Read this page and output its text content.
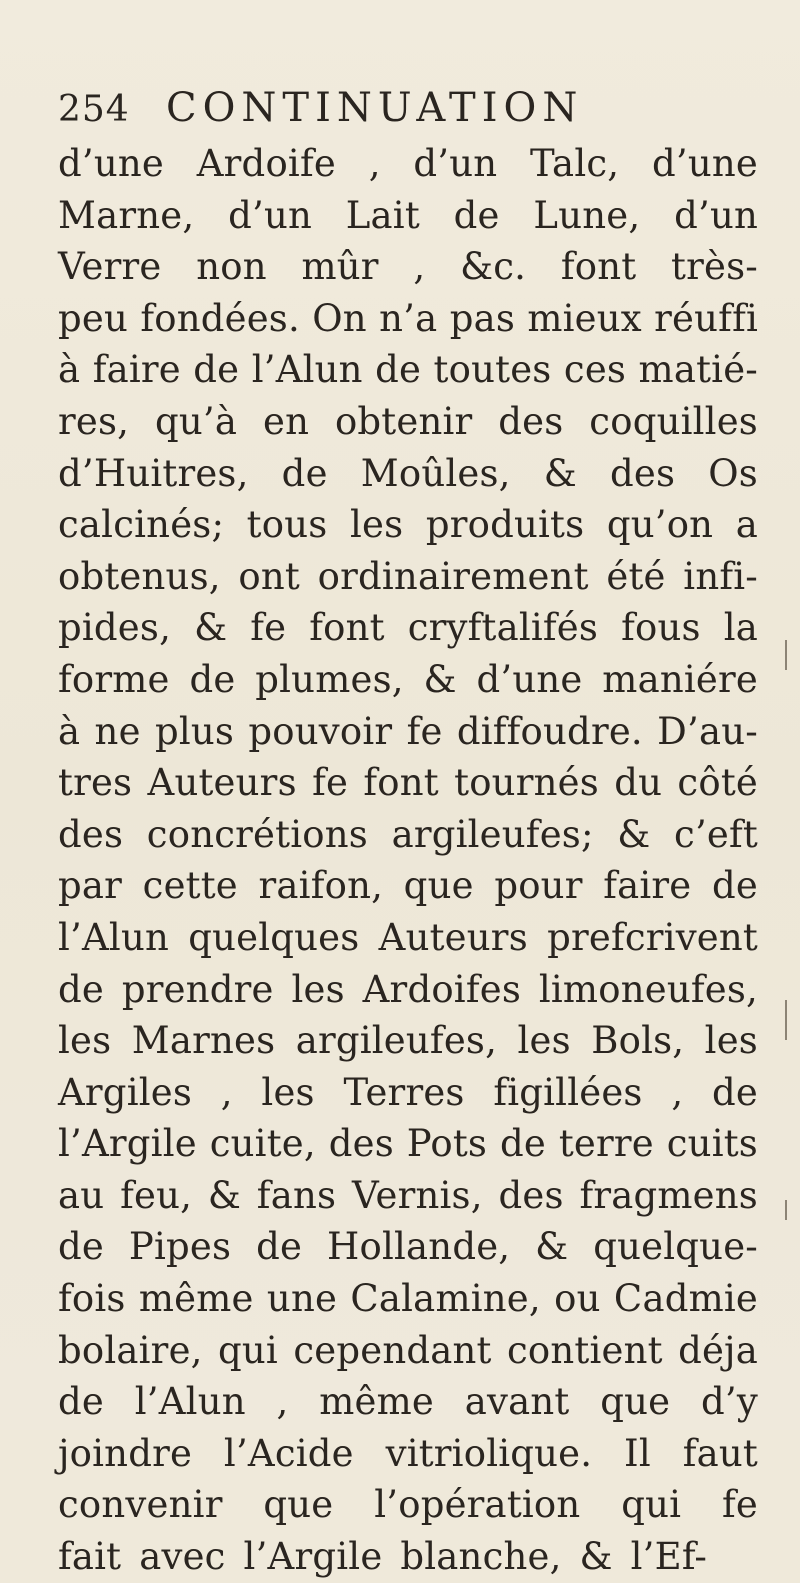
254 CONTINUATION
d’une Ardoife , d’un Talc, d’une
Marne, d’un Lait de Lune, d’un
Verre non mûr , &c. font très-
peu fondées. On n’a pas mieux réuffi
à faire de l’Alun de toutes ces matié-
res, qu’à en obtenir des coquilles
d’Huitres, de Moûles, & des Os
calcinés; tous les produits qu’on a
obtenus, ont ordinairement été infi-
pides, & fe font cryftalifés fous la
forme de plumes, & d’une maniére
à ne plus pouvoir fe diffoudre. D’au-
tres Auteurs fe font tournés du côté
des concrétions argileufes; & c’eft
par cette raifon, que pour faire de
l’Alun quelques Auteurs prefcrivent
de prendre les Ardoifes limoneufes,
les Marnes argileufes, les Bols, les
Argiles , les Terres figillées , de
l’Argile cuite, des Pots de terre cuits
au feu, & fans Vernis, des fragmens
de Pipes de Hollande, & quelque-
fois même une Calamine, ou Cadmie
bolaire, qui cependant contient déja
de l’Alun , même avant que d’y
joindre l’Acide vitriolique. Il faut
convenir que l’opération qui fe
fait avec l’Argile blanche, & l’Ef-
